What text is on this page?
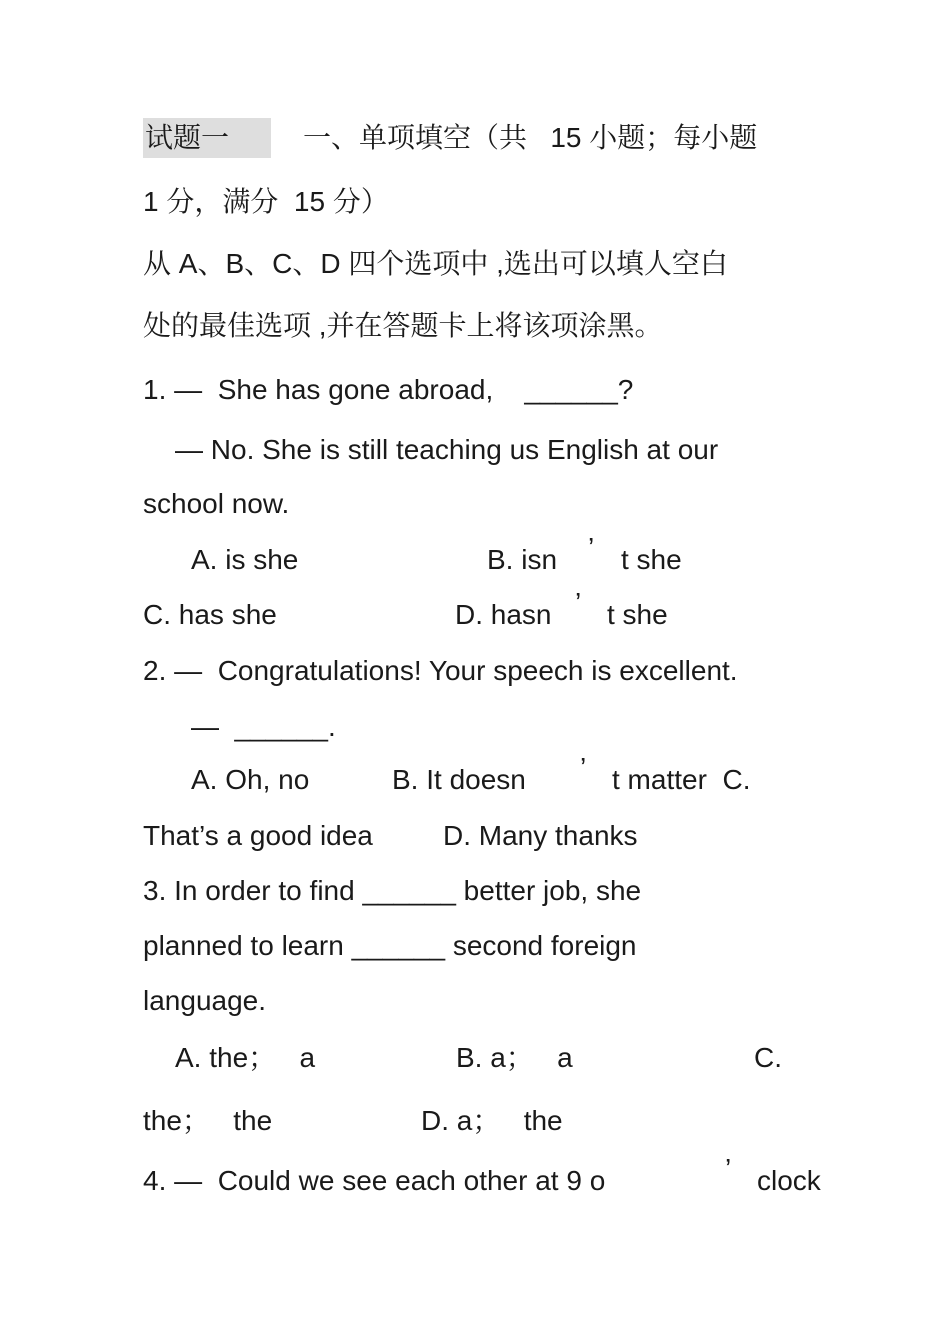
试题一	一、单项填空（共   15 小题；每小题
1 分，满分  15 分）
从 A、B、C、D 四个选项中 ,选出可以填人空白
处的最佳选项 ,并在答题卡上将该项涂黑。
1. —  She has gone abroad,    ______?
— No. She is still teaching us English at our
school now.
A. is she	B. isn ’ t she
C. has she	D. hasn ’ t she
2. —  Congratulations! Your speech is excellent.
—  ______.
A. Oh, no	B. It doesn ’ t matter  C.
That’s a good idea	D. Many thanks
3. In order to find ______ better job, she
planned to learn ______ second foreign
language.
A. the；   a	B. a；   a	C.
the；   the	D. a；   the
4. —  Could we see each other at 9 o	’ clock
